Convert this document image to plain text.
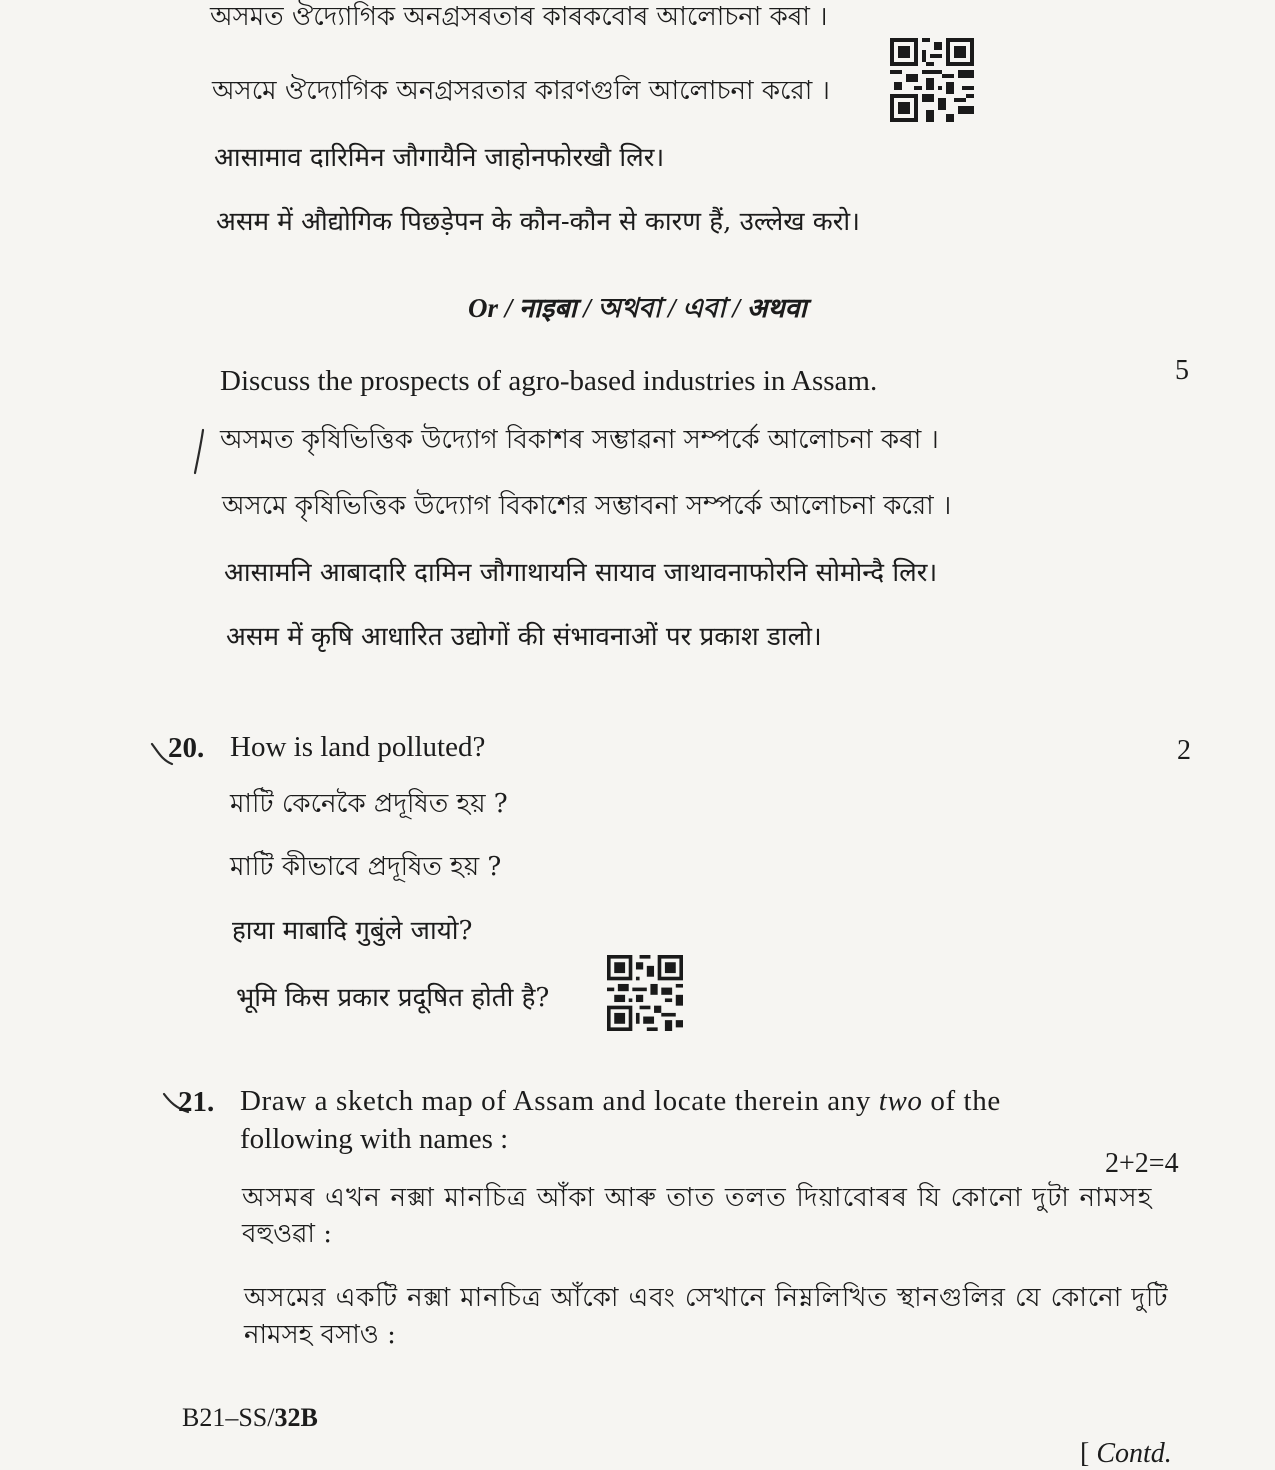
অসমত ঔদ্যোগিক অনগ্ৰসৰতাৰ কাৰকবোৰ আলোচনা কৰা ।
অসমে ঔদ্যোগিক অনগ্রসরতার কারণগুলি আলোচনা করো ।
आसामाव दारिमिन जौगायैनि जाहोनफोरखौ लिर।
असम में औद्योगिक पिछड़ेपन के कौन-कौन से कारण हैं, उल्लेख करो।
Or / नाइबा / অথবা / এবা / अथवा
Discuss the prospects of agro-based industries in Assam.	5
অসমত কৃষিভিত্তিক উদ্যোগ বিকাশৰ সম্ভাৱনা সম্পৰ্কে আলোচনা কৰা ।
অসমে কৃষিভিত্তিক উদ্যোগ বিকাশের সম্ভাবনা সম্পর্কে আলোচনা করো ।
आसामनि आबादारि दामिन जौगाथायनि सायाव जाथावनाफोरनि सोमोन्दै लिर।
असम में कृषि आधारित उद्योगों की संभावनाओं पर प्रकाश डालो।
20. How is land polluted?	2
মাটি কেনেকৈ প্ৰদূষিত হয় ?
মাটি কীভাবে প্রদূষিত হয় ?
हाया माबादि गुबुंले जायो?
भूमि किस प्रकार प्रदूषित होती है?
21. Draw a sketch map of Assam and locate therein any two of the
following with names :
2+2=4
অসমৰ এখন নক্সা মানচিত্ৰ আঁকা আৰু তাত তলত দিয়াবোৰৰ যি কোনো দুটা নামসহ
বহুওৱা :
অসমের একটি নক্সা মানচিত্র আঁকো এবং সেখানে নিম্নলিখিত স্থানগুলির যে কোনো দুটি
নামসহ বসাও :
B21–SS/32B
[ Contd.
